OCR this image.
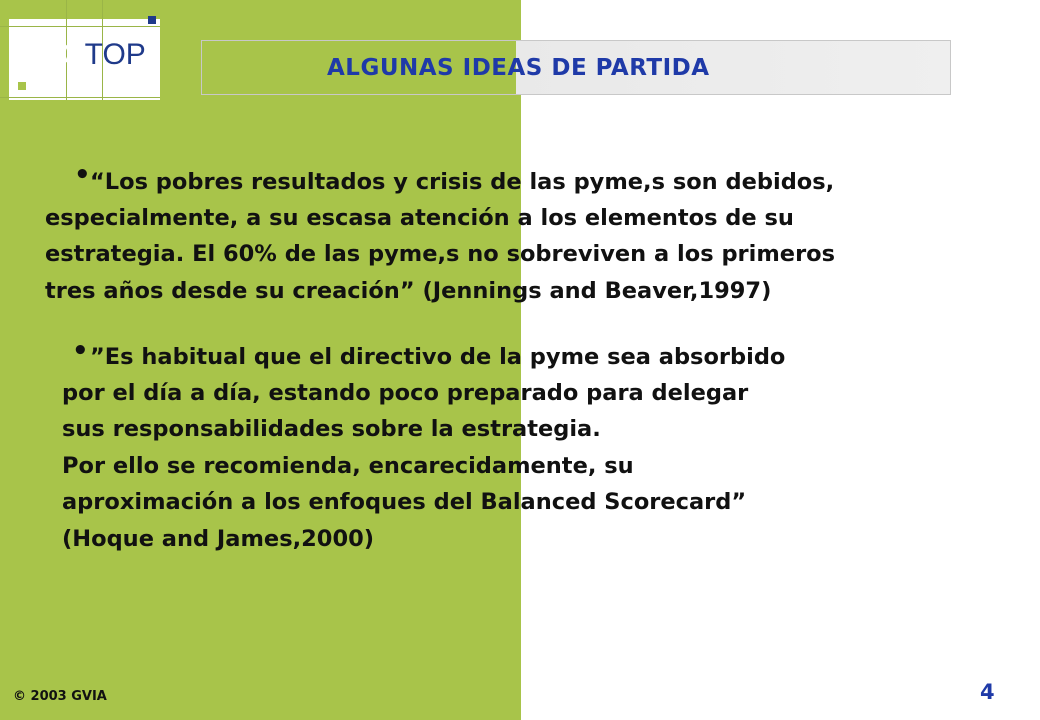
GOTOP	ALGUNAS IDEAS DE PARTIDA
• “Los pobres resultados y crisis de las pyme,s son debidos,
especialmente, a su escasa atención a los elementos de su
estrategia. El 60% de las pyme,s no sobreviven a los primeros
tres años desde su creación” (Jennings and Beaver,1997)
• ”Es habitual que el directivo de la pyme sea absorbido
por el día a día, estando poco preparado para delegar
sus responsabilidades sobre la estrategia.
Por ello se recomienda, encarecidamente, su
aproximación a los enfoques del Balanced Scorecard”
(Hoque and James,2000)
© 2003 GVIA	4
